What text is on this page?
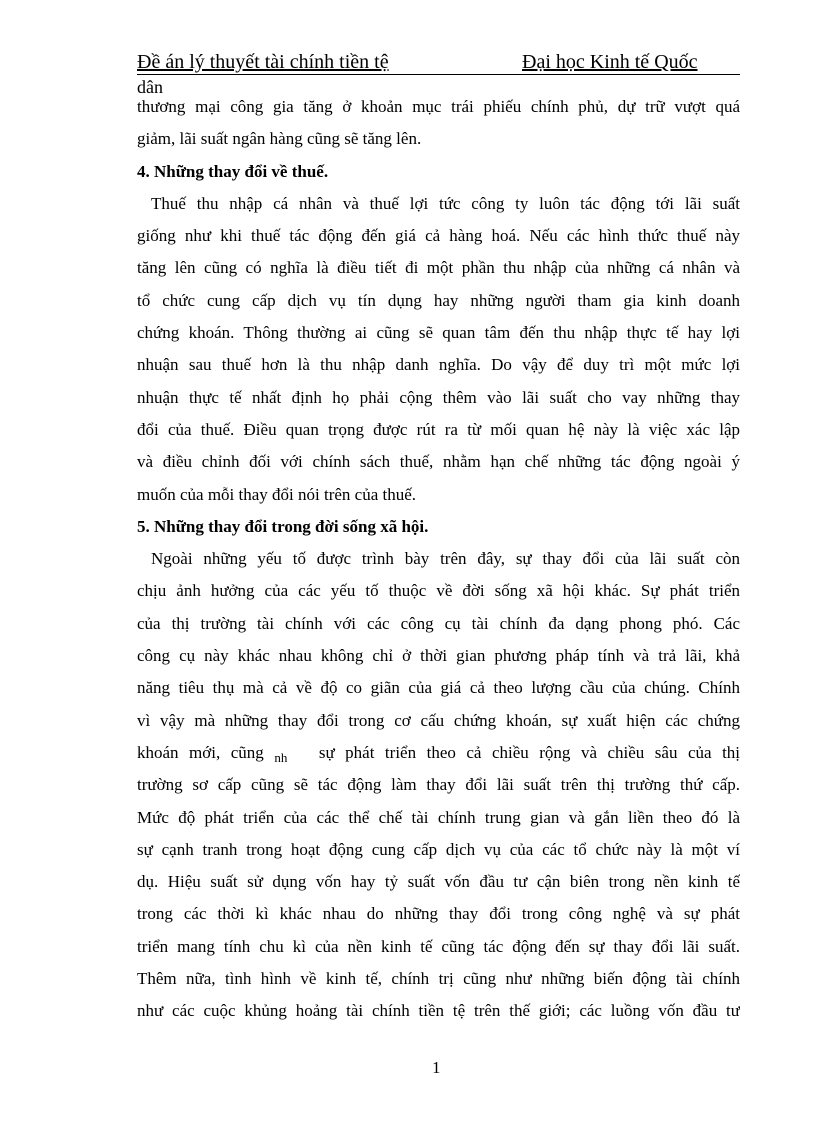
Đề án lý thuyết tài chính tiền tệ	Đại học Kinh tế Quốc
dân
thương mại công gia tăng ở khoản mục trái phiếu chính phủ, dự trữ vượt quá
giảm, lãi suất ngân hàng cũng sẽ tăng lên.
4. Những thay đổi về thuế.
Thuế thu nhập cá nhân và thuế lợi tức công ty luôn tác động tới lãi suất
giống như khi thuế tác động đến giá cả hàng hoá. Nếu các hình thức thuế này
tăng lên cũng có nghĩa là điều tiết đi một phần thu nhập của những cá nhân và
tổ chức cung cấp dịch vụ tín dụng hay những người tham gia kinh doanh
chứng khoán. Thông thường ai cũng sẽ quan tâm đến thu nhập thực tế hay lợi
nhuận sau thuế hơn là thu nhập danh nghĩa. Do vậy để duy trì một mức lợi
nhuận thực tế nhất định họ phải cộng thêm vào lãi suất cho vay những thay
đổi của thuế. Điều quan trọng được rút ra từ mối quan hệ này là việc xác lập
và điều chỉnh đối với chính sách thuế, nhằm hạn chế những tác động ngoài ý
muốn của mỗi thay đổi nói trên của thuế.
5. Những thay đổi trong đời sống xã hội.
Ngoài những yếu tố được trình bày trên đây, sự thay đổi của lãi suất còn
chịu ảnh hưởng của các yếu tố thuộc về đời sống xã hội khác. Sự phát triển
của thị trường tài chính với các công cụ tài chính đa dạng phong phó. Các
công cụ này khác nhau không chỉ ở thời gian phương pháp tính và trả lãi, khả
năng tiêu thụ mà cả về độ co giãn của giá cả theo lượng cầu của chúng. Chính
vì vậy mà những thay đổi trong cơ cấu chứng khoán, sự xuất hiện các chứng
khoán mới, cũng $_{nh}$ sự phát triển theo cả chiều rộng và chiều sâu của thị
trường sơ cấp cũng sẽ tác động làm thay đổi lãi suất trên thị trường thứ cấp.
Mức độ phát triển của các thể chế tài chính trung gian và gắn liền theo đó là
sự cạnh tranh trong hoạt động cung cấp dịch vụ của các tổ chức này là một ví
dụ. Hiệu suất sử dụng vốn hay tỷ suất vốn đầu tư cận biên trong nền kinh tế
trong các thời kì khác nhau do những thay đổi trong công nghệ và sự phát
triển mang tính chu kì của nền kinh tế cũng tác động đến sự thay đổi lãi suất.
Thêm nữa, tình hình về kinh tế, chính trị cũng như những biến động tài chính
như các cuộc khủng hoảng tài chính tiền tệ trên thế giới; các luồng vốn đầu tư
1
